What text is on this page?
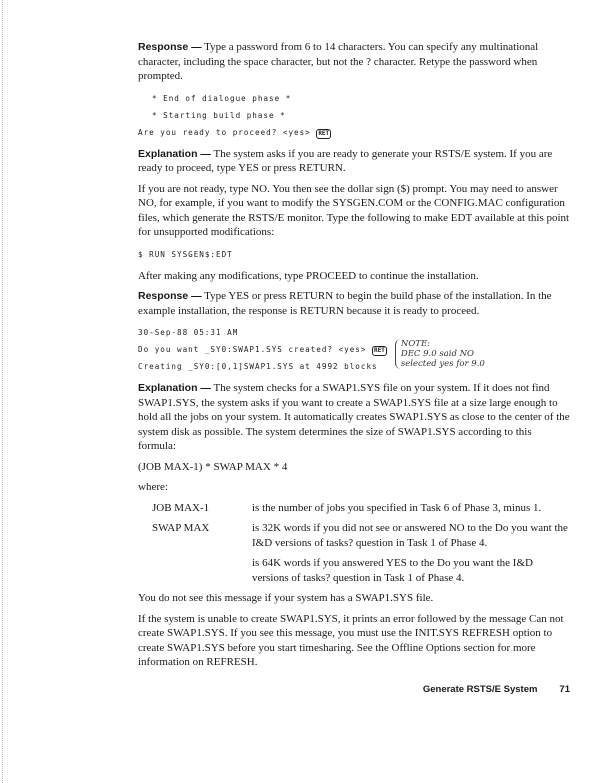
Response — Type a password from 6 to 14 characters. You can specify any multinational character, including the space character, but not the ? character. Retype the password when prompted.

* End of dialogue phase *
* Starting build phase *
Are you ready to proceed? <yes> RET

Explanation — The system asks if you are ready to generate your RSTS/E system. If you are ready to proceed, type YES or press RETURN.

If you are not ready, type NO. You then see the dollar sign ($) prompt. You may need to answer NO, for example, if you want to modify the SYSGEN.COM or the CONFIG.MAC configuration files, which generate the RSTS/E monitor. Type the following to make EDT available at this point for unsupported modifications:

$ RUN SYSGEN$:EDT

After making any modifications, type PROCEED to continue the installation.

Response — Type YES or press RETURN to begin the build phase of the installation. In the example installation, the response is RETURN because it is ready to proceed.

30-Sep-88 05:31 AM
Do you want _SY0:SWAP1.SYS created? <yes> RET
Creating _SY0:[0,1]SWAP1.SYS at 4992 blocks
NOTE:
DEC 9.0 said NO
selected yes for 9.0

Explanation — The system checks for a SWAP1.SYS file on your system. If it does not find SWAP1.SYS, the system asks if you want to create a SWAP1.SYS file at a size large enough to hold all the jobs on your system. It automatically creates SWAP1.SYS as close to the center of the system disk as possible. The system determines the size of SWAP1.SYS according to this formula:

(JOB MAX-1) * SWAP MAX * 4

where:

JOB MAX-1	is the number of jobs you specified in Task 6 of Phase 3, minus 1.
SWAP MAX	is 32K words if you did not see or answered NO to the Do you want the I&D versions of tasks? question in Task 1 of Phase 4.
is 64K words if you answered YES to the Do you want the I&D versions of tasks? question in Task 1 of Phase 4.

You do not see this message if your system has a SWAP1.SYS file.

If the system is unable to create SWAP1.SYS, it prints an error followed by the message Can not create SWAP1.SYS. If you see this message, you must use the INIT.SYS REFRESH option to create SWAP1.SYS before you start timesharing. See the Offline Options section for more information on REFRESH.

Generate RSTS/E System 71
